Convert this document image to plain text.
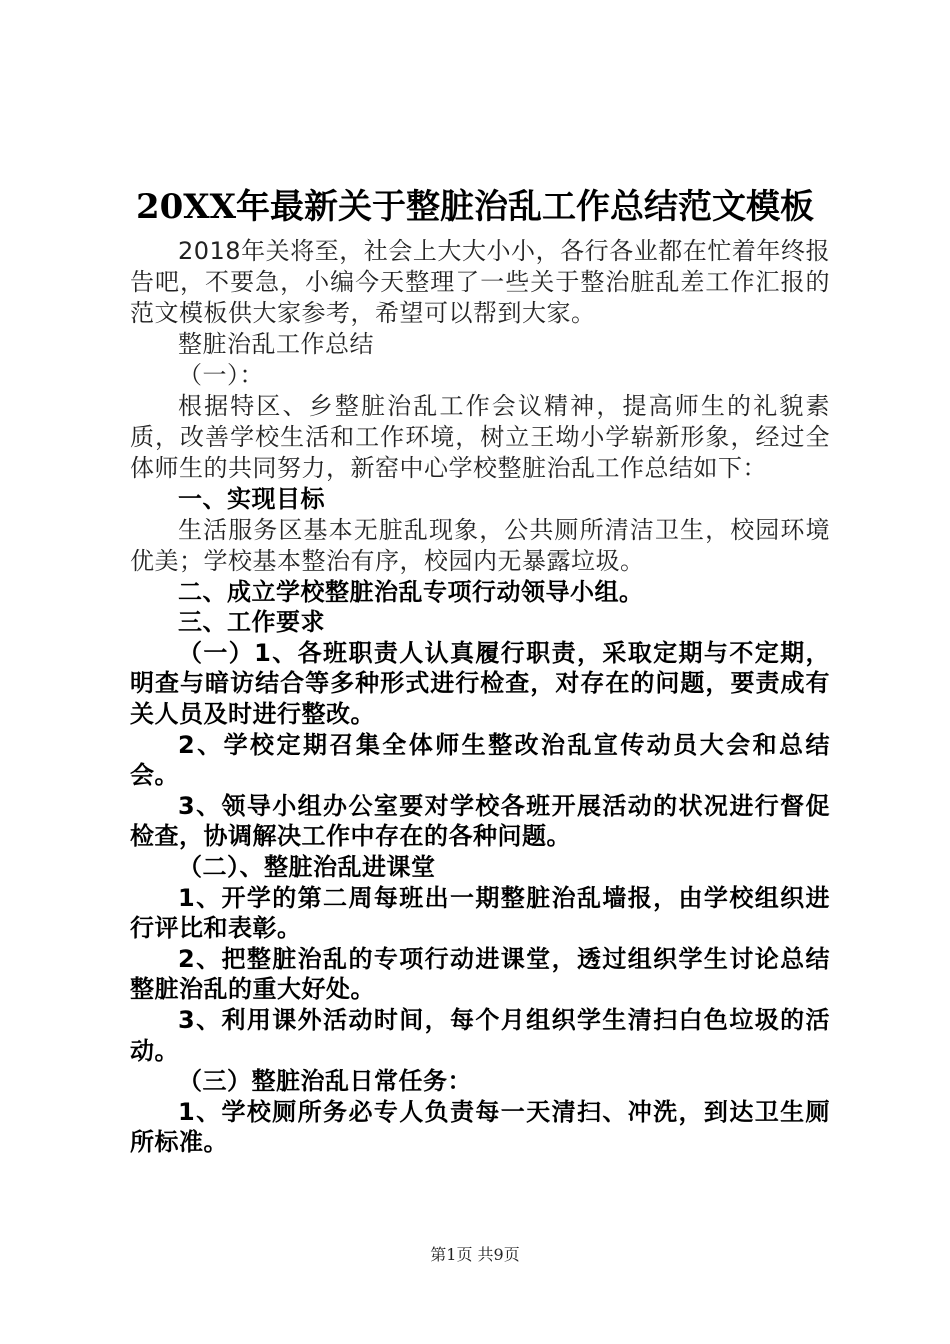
20XX年最新关于整脏治乱工作总结范文模板

2018年关将至，社会上大大小小，各行各业都在忙着年终报告吧，不要急，小编今天整理了一些关于整治脏乱差工作汇报的范文模板供大家参考，希望可以帮到大家。

整脏治乱工作总结

（一）：

根据特区、乡整脏治乱工作会议精神，提高师生的礼貌素质，改善学校生活和工作环境，树立王坳小学崭新形象，经过全体师生的共同努力，新窑中心学校整脏治乱工作总结如下：

一、实现目标

生活服务区基本无脏乱现象，公共厕所清洁卫生，校园环境优美；学校基本整治有序，校园内无暴露垃圾。

二、成立学校整脏治乱专项行动领导小组。

三、工作要求

（一）1、各班职责人认真履行职责，采取定期与不定期，明查与暗访结合等多种形式进行检查，对存在的问题，要责成有关人员及时进行整改。

2、学校定期召集全体师生整改治乱宣传动员大会和总结会。

3、领导小组办公室要对学校各班开展活动的状况进行督促检查，协调解决工作中存在的各种问题。

（二）、整脏治乱进课堂

1、开学的第二周每班出一期整脏治乱墙报，由学校组织进行评比和表彰。

2、把整脏治乱的专项行动进课堂，透过组织学生讨论总结整脏治乱的重大好处。

3、利用课外活动时间，每个月组织学生清扫白色垃圾的活动。

（三）整脏治乱日常任务：

1、学校厕所务必专人负责每一天清扫、冲洗，到达卫生厕所标准。

第1页 共9页
